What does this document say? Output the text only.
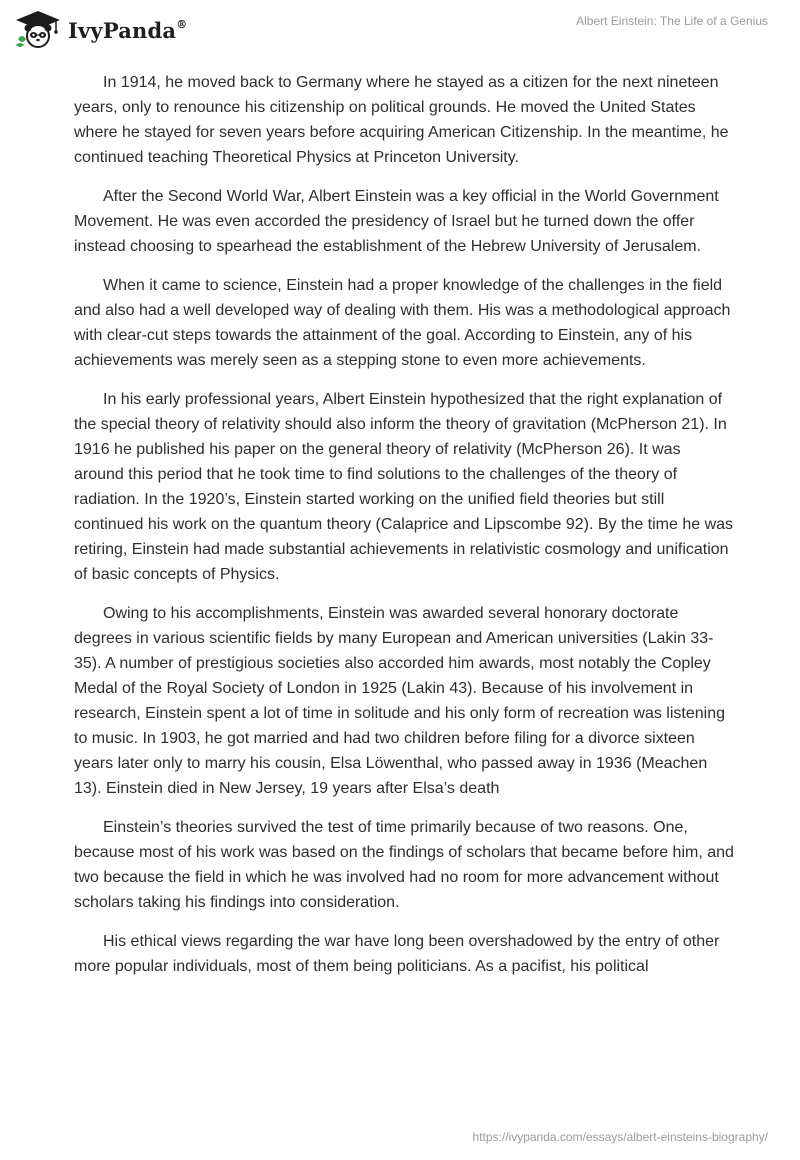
IvyPanda®	Albert Einstein: The Life of a Genius

In 1914, he moved back to Germany where he stayed as a citizen for the next nineteen years, only to renounce his citizenship on political grounds. He moved the United States where he stayed for seven years before acquiring American Citizenship. In the meantime, he continued teaching Theoretical Physics at Princeton University.

After the Second World War, Albert Einstein was a key official in the World Government Movement. He was even accorded the presidency of Israel but he turned down the offer instead choosing to spearhead the establishment of the Hebrew University of Jerusalem.

When it came to science, Einstein had a proper knowledge of the challenges in the field and also had a well developed way of dealing with them. His was a methodological approach with clear-cut steps towards the attainment of the goal. According to Einstein, any of his achievements was merely seen as a stepping stone to even more achievements.

In his early professional years, Albert Einstein hypothesized that the right explanation of the special theory of relativity should also inform the theory of gravitation (McPherson 21). In 1916 he published his paper on the general theory of relativity (McPherson 26). It was around this period that he took time to find solutions to the challenges of the theory of radiation. In the 1920’s, Einstein started working on the unified field theories but still continued his work on the quantum theory (Calaprice and Lipscombe 92). By the time he was retiring, Einstein had made substantial achievements in relativistic cosmology and unification of basic concepts of Physics.

Owing to his accomplishments, Einstein was awarded several honorary doctorate degrees in various scientific fields by many European and American universities (Lakin 33-35). A number of prestigious societies also accorded him awards, most notably the Copley Medal of the Royal Society of London in 1925 (Lakin 43). Because of his involvement in research, Einstein spent a lot of time in solitude and his only form of recreation was listening to music. In 1903, he got married and had two children before filing for a divorce sixteen years later only to marry his cousin, Elsa Löwenthal, who passed away in 1936 (Meachen 13). Einstein died in New Jersey, 19 years after Elsa’s death

Einstein’s theories survived the test of time primarily because of two reasons. One, because most of his work was based on the findings of scholars that became before him, and two because the field in which he was involved had no room for more advancement without scholars taking his findings into consideration.

His ethical views regarding the war have long been overshadowed by the entry of other more popular individuals, most of them being politicians. As a pacifist, his political

https://ivypanda.com/essays/albert-einsteins-biography/
